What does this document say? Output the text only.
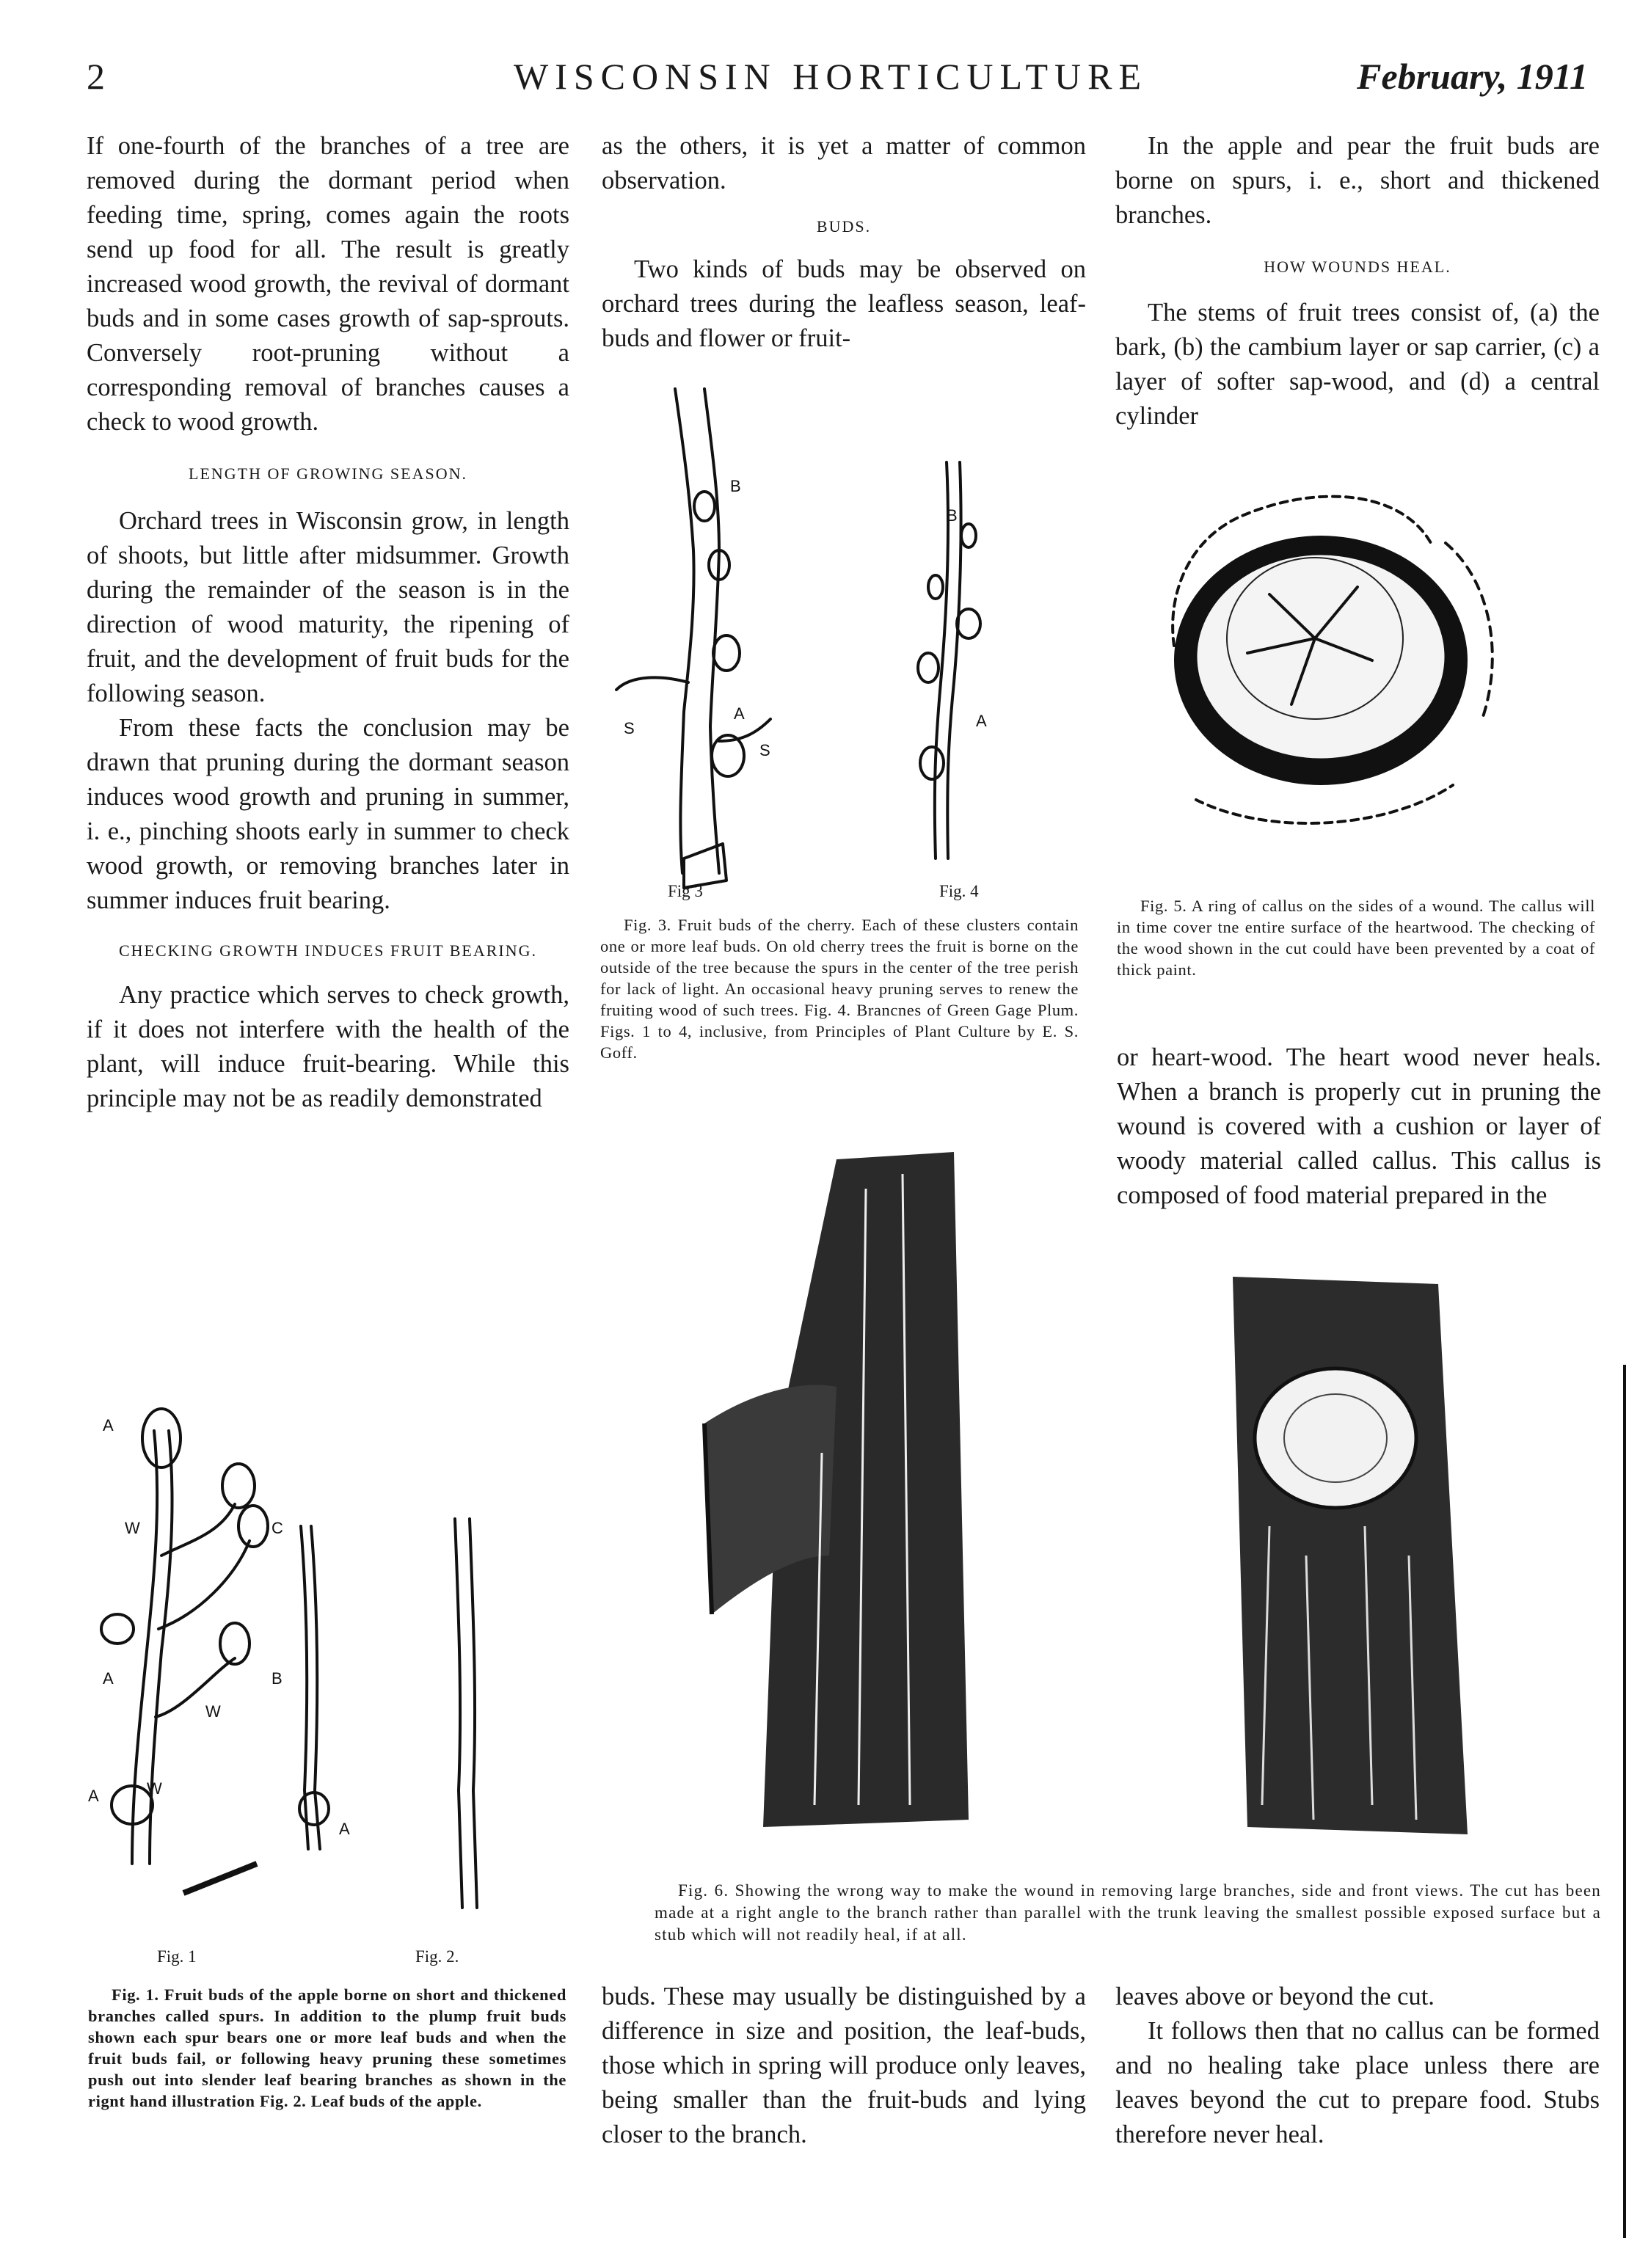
2	WISCONSIN HORTICULTURE	February, 1911

If one-fourth of the branches of a tree are removed during the dormant period when feeding time, spring, comes again the roots send up food for all. The result is greatly increased wood growth, the revival of dormant buds and in some cases growth of sap-sprouts. Conversely root-pruning without a corresponding removal of branches causes a check to wood growth.

LENGTH OF GROWING SEASON.

Orchard trees in Wisconsin grow, in length of shoots, but little after midsummer. Growth during the remainder of the season is in the direction of wood maturity, the ripening of fruit, and the development of fruit buds for the following season.

From these facts the conclusion may be drawn that pruning during the dormant season induces wood growth and pruning in summer, i. e., pinching shoots early in summer to check wood growth, or removing branches later in summer induces fruit bearing.

CHECKING GROWTH INDUCES FRUIT BEARING.

Any practice which serves to check growth, if it does not interfere with the health of the plant, will induce fruit-bearing. While this principle may not be as readily demonstrated

as the others, it is yet a matter of common observation.

BUDS.

Two kinds of buds may be observed on orchard trees during the leafless season, leaf-buds and flower or fruit-

In the apple and pear the fruit buds are borne on spurs, i. e., short and thickened branches.

HOW WOUNDS HEAL.

The stems of fruit trees consist of, (a) the bark, (b) the cambium layer or sap carrier, (c) a layer of softer sap-wood, and (d) a central cylinder

B
A
S
S
B
A
Fig 3	Fig. 4

Fig. 3. Fruit buds of the cherry. Each of these clusters contain one or more leaf buds. On old cherry trees the fruit is borne on the outside of the tree because the spurs in the center of the tree perish for lack of light. An occasional heavy pruning serves to renew the fruiting wood of such trees. Fig. 4. Brancnes of Green Gage Plum. Figs. 1 to 4, inclusive, from Principles of Plant Culture by E. S. Goff.

Fig. 5. A ring of callus on the sides of a wound. The callus will in time cover tne entire surface of the heartwood. The checking of the wood shown in the cut could have been prevented by a coat of thick paint.

or heart-wood. The heart wood never heals. When a branch is properly cut in pruning the wound is covered with a cushion or layer of woody material called callus. This callus is composed of food material prepared in the

Fig. 6. Showing the wrong way to make the wound in removing large branches, side and front views. The cut has been made at a right angle to the branch rather than parallel with the trunk leaving the smallest possible exposed surface but a stub which will not readily heal, if at all.

A
W
A
W
A	W
C
B
A
Fig. 1	Fig. 2.

Fig. 1. Fruit buds of the apple borne on short and thickened branches called spurs. In addition to the plump fruit buds shown each spur bears one or more leaf buds and when the fruit buds fail, or following heavy pruning these sometimes push out into slender leaf bearing branches as shown in the rignt hand illustration Fig. 2. Leaf buds of the apple.

buds. These may usually be distinguished by a difference in size and position, the leaf-buds, those which in spring will produce only leaves, being smaller than the fruit-buds and lying closer to the branch.

leaves above or beyond the cut.

It follows then that no callus can be formed and no healing take place unless there are leaves beyond the cut to prepare food. Stubs therefore never heal.
